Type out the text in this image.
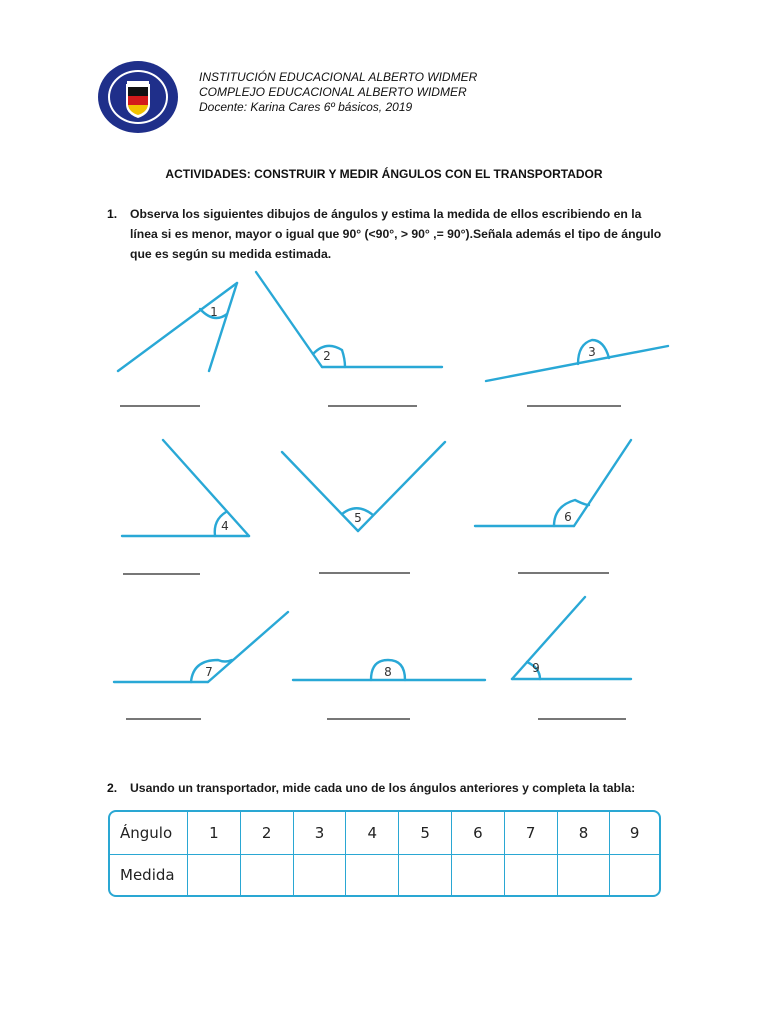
INSTITUCIÓN EDUCACIONAL ALBERTO WIDMER
COMPLEJO EDUCACIONAL ALBERTO WIDMER
Docente: Karina Cares 6º básicos, 2019
ACTIVIDADES: CONSTRUIR Y MEDIR ÁNGULOS CON EL TRANSPORTADOR
1. Observa los siguientes dibujos de ángulos y estima la medida de ellos escribiendo en la línea si es menor, mayor o igual que 90° (<90°, > 90° ,= 90°).Señala además el tipo de ángulo que es según su medida estimada.
1
2	3
4
5	6
7	8	9
2. Usando un transportador, mide cada uno de los ángulos anteriores y completa la tabla:
Ángulo	1	2	3	4	5	6	7	8	9
Medida									
